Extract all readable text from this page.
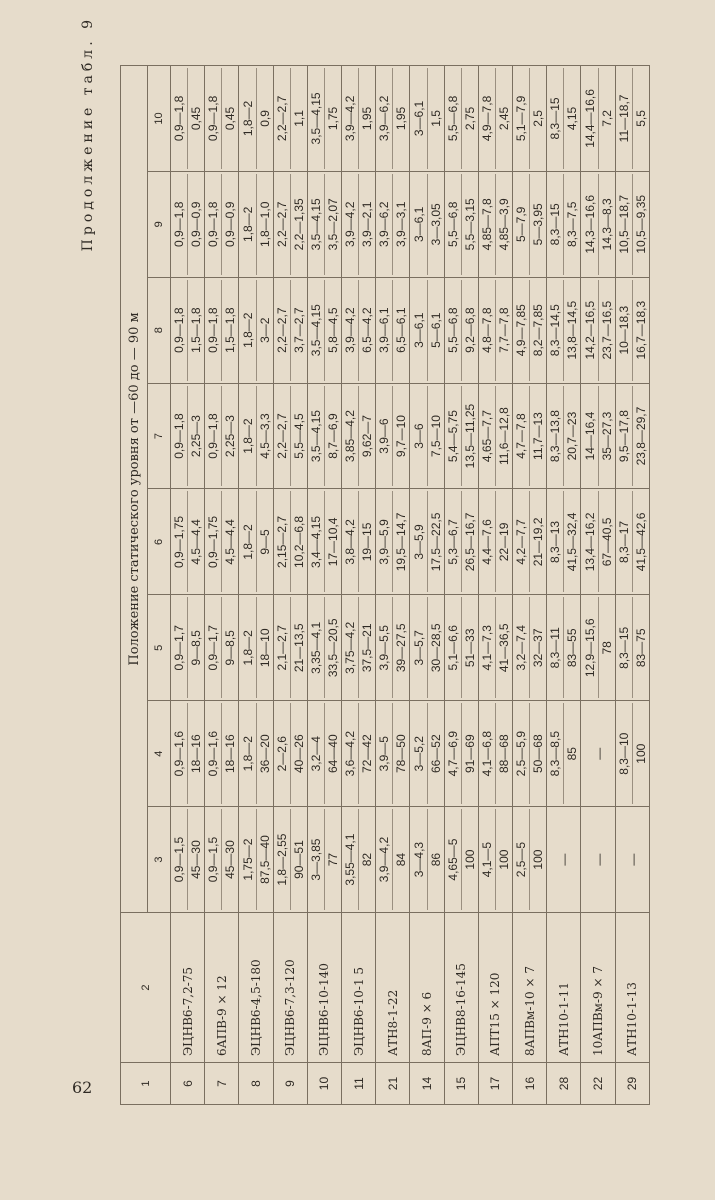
62
Продолжение табл. 9
1	2	Положение статического уровня от —60 до — 90 м							
		3	4	5	6	7	8	9	10
6	ЭЦНВ6-7,2-75	0,9—1,5 45—30	0,9—1,6 18—16	0,9—1,7 9—8,5	0,9—1,75 4,5—4,4	0,9—1,8 2,25—3	0,9—1,8 1,5—1,8	0,9—1,8 0,9—0,9	0,9—1,8 0,45

7	6АПВ-9 × 12	0,9—1,5 45—30	0,9—1,6 18—16	0,9—1,7 9—8,5	0,9—1,75 4,5—4,4	0,9—1,8 2,25—3	0,9—1,8 1,5—1,8	0,9—1,8 0,9—0,9	0,9—1,8 0,45

8	ЭЦНВ6-4,5-180	1,75—2 87,5—40	1,8—2 36—20	1,8—2 18—10	1,8—2 9—5	1,8—2 4,5—3,3	1,8—2 3—2	1,8—2 1,8—1,0	1,8—2 0,9

9	ЭЦНВ6-7,3-120	1,8—2,55 90—51	2—2,6 40—26	2,1—2,7 21—13,5	2,15—2,7 10,2—6,8	2,2—2,7 5,5—4,5	2,2—2,7 3,7—2,7	2,2—2,7 2,2—1,35	2,2—2,7 1,1

10	ЭЦНВ6-10-140	3—3,85 77	3,2—4 64—40	3,35—4,1 33,5—20,5	3,4—4,15 17—10,4	3,5—4,15 8,7—6,9	3,5—4,15 5,8—4,5	3,5—4,15 3,5—2,07	3,5—4,15 1,75

11	ЭЦНВ6-10-1 5	3,55—4,1 82	3,6—4,2 72—42	3,75—4,2 37,5—21	3,8—4,2 19—15	3,85—4,2 9,62—7	3,9—4,2 6,5—4,2	3,9—4,2 3,9—2,1	3,9—4,2 1,95

21	АТН8-1-22	3,9—4,2 84	3,9—5 78—50	3,9—5,5 39—27,5	3,9—5,9 19,5—14,7	3,9—6 9,7—10	3,9—6,1 6,5—6,1	3,9—6,2 3,9—3,1	3,9—6,2 1,95

14	8АП-9 × 6	3—4,3 86	3—5,2 66—52	3—5,7 30—28,5	3—5,9 17,5—22,5	3—6 7,5—10	3—6,1 5—6,1	3—6,1 3—3,05	3—6,1 1,5

15	ЭЦНВ8-16-145	4,65—5 100	4,7—6,9 91—69	5,1—6,6 51—33	5,3—6,7 26,5—16,7	5,4—5,75 13,5—11,25	5,5—6,8 9,2—6,8	5,5—6,8 5,5—3,15	5,5—6,8 2,75

17	АПТ15 × 120	4,1—5 100	4,1—6,8 88—68	4,1—7,3 41—36,5	4,4—7,6 22—19	4,65—7,7 11,6—12,8	4,8—7,8 7,7—7,8	4,85—7,8 4,85—3,9	4,9—7,8 2,45

16	8АПВм-10 × 7	2,5—5 100	2,5—5,9 50—68	3,2—7,4 32—37	4,2—7,7 21—19,2	4,7—7,8 11,7—13	4,9—7,85 8,2—7,85	5—7,9 5—3,95	5,1—7,9 2,5

28	АТН10-1-11	—	8,3—8,5 85	8,3—11 83—55	8,3—13 41,5—32,4	8,3—13,8 20,7—23	8,3—14,5 13,8—14,5	8,3—15 8,3—7,5	8,3—15 4,15

22	10АПВм-9 × 7	—	—	12,9—15,6 78	13,4—16,2 67—40,5	14—16,4 35—27,3	14,2—16,5 23,7—16,5	14,3—16,6 14,3—8,3	14,4—16,6 7,2

29	АТН10-1-13	—	8,3—10 100	8,3—15 83—75	8,3—17 41,5—42,6	9,5—17,8 23,8—29,7	10—18,3 16,7—18,3	10,5—18,7 10,5—9,35	11—18,7 5,5
